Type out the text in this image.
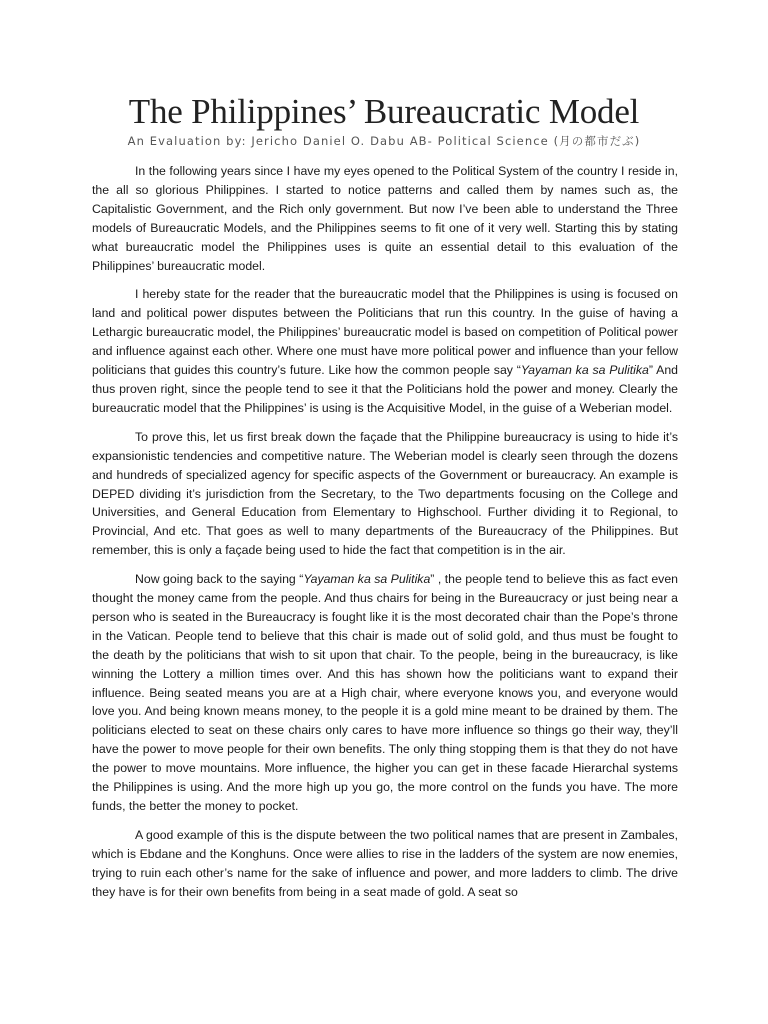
The Philippines’ Bureaucratic Model
An Evaluation by: Jericho Daniel O. Dabu AB- Political Science (月の都市だぶ)

In the following years since I have my eyes opened to the Political System of the country I reside in, the all so glorious Philippines. I started to notice patterns and called them by names such as, the Capitalistic Government, and the Rich only government. But now I’ve been able to understand the Three models of Bureaucratic Models, and the Philippines seems to fit one of it very well. Starting this by stating what bureaucratic model the Philippines uses is quite an essential detail to this evaluation of the Philippines’ bureaucratic model.

I hereby state for the reader that the bureaucratic model that the Philippines is using is focused on land and political power disputes between the Politicians that run this country. In the guise of having a Lethargic bureaucratic model, the Philippines’ bureaucratic model is based on competition of Political power and influence against each other. Where one must have more political power and influence than your fellow politicians that guides this country’s future. Like how the common people say “Yayaman ka sa Pulitika” And thus proven right, since the people tend to see it that the Politicians hold the power and money. Clearly the bureaucratic model that the Philippines’ is using is the Acquisitive Model, in the guise of a Weberian model.

To prove this, let us first break down the façade that the Philippine bureaucracy is using to hide it’s expansionistic tendencies and competitive nature. The Weberian model is clearly seen through the dozens and hundreds of specialized agency for specific aspects of the Government or bureaucracy. An example is DEPED dividing it’s jurisdiction from the Secretary, to the Two departments focusing on the College and Universities, and General Education from Elementary to Highschool. Further dividing it to Regional, to Provincial, And etc. That goes as well to many departments of the Bureaucracy of the Philippines. But remember, this is only a façade being used to hide the fact that competition is in the air.

Now going back to the saying “Yayaman ka sa Pulitika” , the people tend to believe this as fact even thought the money came from the people. And thus chairs for being in the Bureaucracy or just being near a person who is seated in the Bureaucracy is fought like it is the most decorated chair than the Pope’s throne in the Vatican. People tend to believe that this chair is made out of solid gold, and thus must be fought to the death by the politicians that wish to sit upon that chair. To the people, being in the bureaucracy, is like winning the Lottery a million times over. And this has shown how the politicians want to expand their influence. Being seated means you are at a High chair, where everyone knows you, and everyone would love you. And being known means money, to the people it is a gold mine meant to be drained by them. The politicians elected to seat on these chairs only cares to have more influence so things go their way, they’ll have the power to move people for their own benefits. The only thing stopping them is that they do not have the power to move mountains. More influence, the higher you can get in these facade Hierarchal systems the Philippines is using. And the more high up you go, the more control on the funds you have. The more funds, the better the money to pocket.

A good example of this is the dispute between the two political names that are present in Zambales, which is Ebdane and the Konghuns. Once were allies to rise in the ladders of the system are now enemies, trying to ruin each other’s name for the sake of influence and power, and more ladders to climb. The drive they have is for their own benefits from being in a seat made of gold. A seat so
